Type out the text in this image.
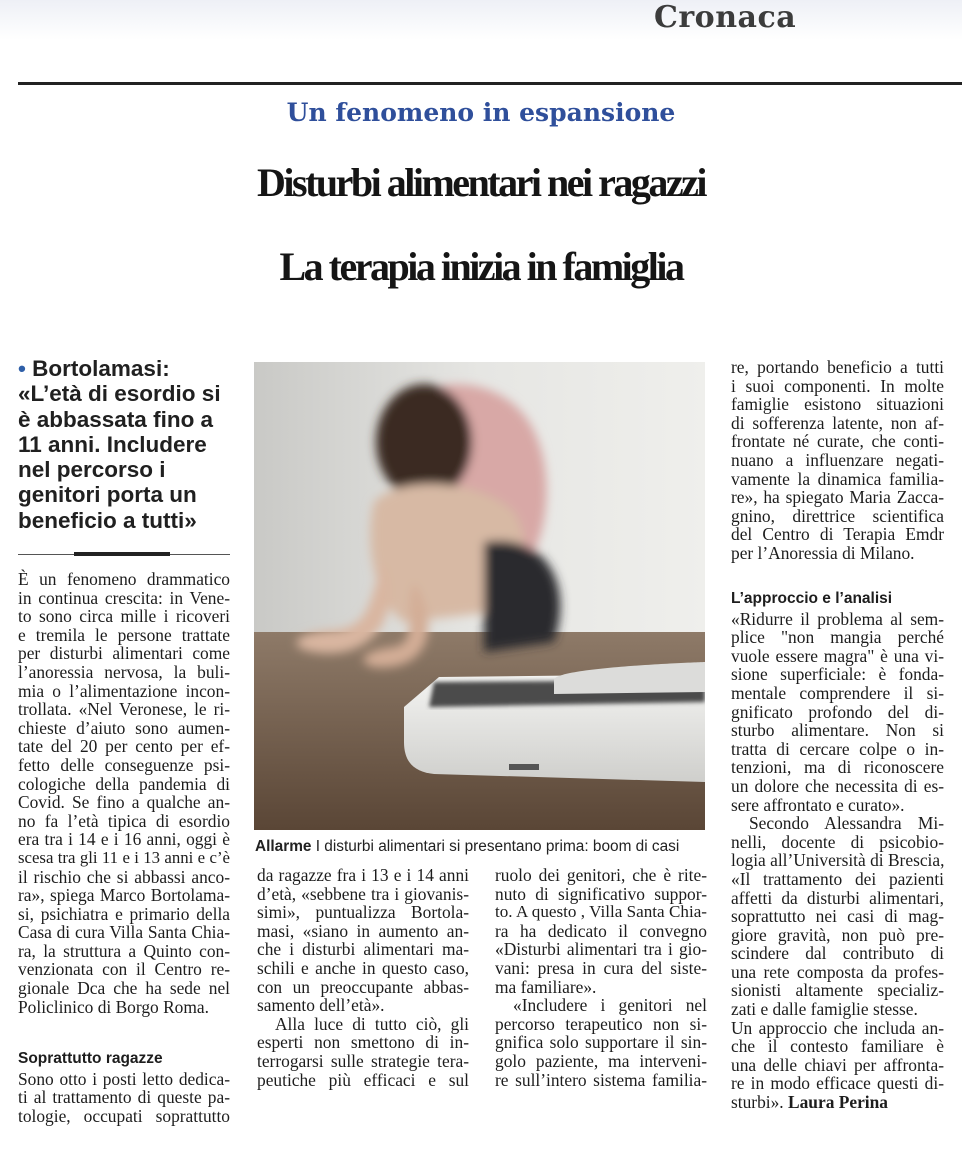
Cronaca
Un fenomeno in espansione
Disturbi alimentari nei ragazzi
La terapia inizia in famiglia
• Bortolamasi:
«L’età di esordio si
è abbassata fino a
11 anni. Includere
nel percorso i
genitori porta un
beneficio a tutti»
Allarme I disturbi alimentari si presentano prima: boom di casi
È un fenomeno drammatico
in continua crescita: in Vene-
to sono circa mille i ricoveri
e tremila le persone trattate
per disturbi alimentari come
l’anoressia nervosa, la buli-
mia o l’alimentazione incon-
trollata. «Nel Veronese, le ri-
chieste d’aiuto sono aumen-
tate del 20 per cento per ef-
fetto delle conseguenze psi-
cologiche della pandemia di
Covid. Se fino a qualche an-
no fa l’età tipica di esordio
era tra i 14 e i 16 anni, oggi è
scesa tra gli 11 e i 13 anni e c’è
il rischio che si abbassi anco-
ra», spiega Marco Bortolama-
si, psichiatra e primario della
Casa di cura Villa Santa Chia-
ra, la struttura a Quinto con-
venzionata con il Centro re-
gionale Dca che ha sede nel
Policlinico di Borgo Roma.
Soprattutto ragazze
Sono otto i posti letto dedica-
ti al trattamento di queste pa-
tologie, occupati soprattutto
da ragazze fra i 13 e i 14 anni
d’età, «sebbene tra i giovanis-
simi», puntualizza Bortola-
masi, «siano in aumento an-
che i disturbi alimentari ma-
schili e anche in questo caso,
con un preoccupante abbas-
samento dell’età».
Alla luce di tutto ciò, gli
esperti non smettono di in-
terrogarsi sulle strategie tera-
peutiche più efficaci e sul
ruolo dei genitori, che è rite-
nuto di significativo suppor-
to. A questo , Villa Santa Chia-
ra ha dedicato il convegno
«Disturbi alimentari tra i gio-
vani: presa in cura del siste-
ma familiare».
«Includere i genitori nel
percorso terapeutico non si-
gnifica solo supportare il sin-
golo paziente, ma interveni-
re sull’intero sistema familia-
re, portando beneficio a tutti
i suoi componenti. In molte
famiglie esistono situazioni
di sofferenza latente, non af-
frontate né curate, che conti-
nuano a influenzare negati-
vamente la dinamica familia-
re», ha spiegato Maria Zacca-
gnino, direttrice scientifica
del Centro di Terapia Emdr
per l’Anoressia di Milano.
L’approccio e l’analisi
«Ridurre il problema al sem-
plice "non mangia perché
vuole essere magra" è una vi-
sione superficiale: è fonda-
mentale comprendere il si-
gnificato profondo del di-
sturbo alimentare. Non si
tratta di cercare colpe o in-
tenzioni, ma di riconoscere
un dolore che necessita di es-
sere affrontato e curato».
Secondo Alessandra Mi-
nelli, docente di psicobio-
logia all’Università di Brescia,
«Il trattamento dei pazienti
affetti da disturbi alimentari,
soprattutto nei casi di mag-
giore gravità, non può pre-
scindere dal contributo di
una rete composta da profes-
sionisti altamente specializ-
zati e dalle famiglie stesse.
Un approccio che includa an-
che il contesto familiare è
una delle chiavi per affronta-
re in modo efficace questi di-
sturbi». Laura Perina
